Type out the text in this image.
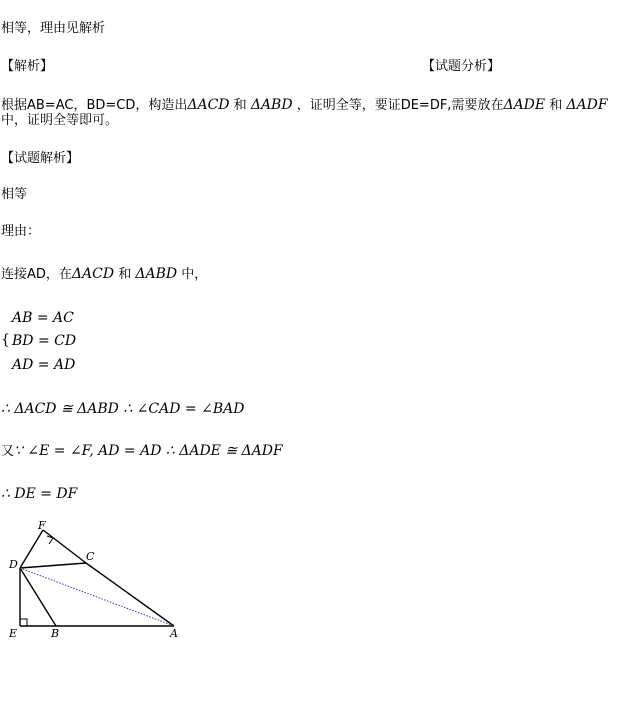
相等，理由见解析
【解析】	【试题分析】
根据AB=AC，BD=CD，构造出ΔACD 和 ΔABD ，证明全等，要证DE=DF,需要放在ΔADE 和 ΔADF
中，证明全等即可。
【试题解析】
相等
理由：
连接AD，在ΔACD 和 ΔABD 中，
{
AB = AC
BD = CD
AD = AD
∴ ΔACD ≅ ΔABD ∴ ∠CAD = ∠BAD
又∵ ∠E = ∠F, AD = AD ∴ ΔADE ≅ ΔADF
∴ DE = DF
F
D
C
E	B	A
